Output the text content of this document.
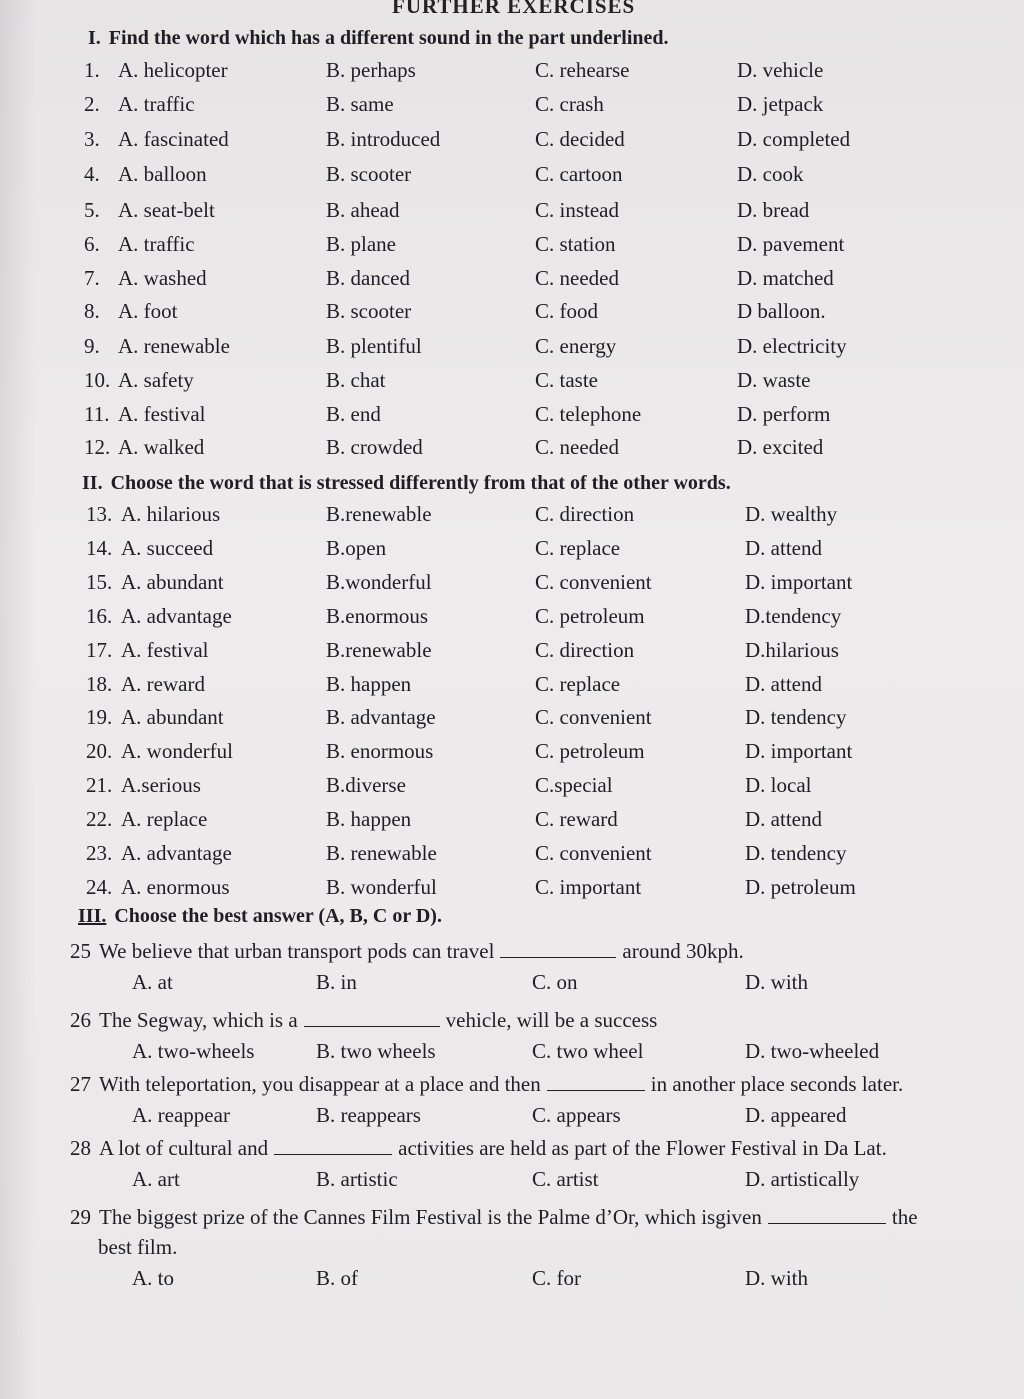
FURTHER EXERCISES
I. Find the word which has a different sound in the part underlined.
1. A. helicopter	B. perhaps	C. rehearse	D. vehicle
2. A. traffic	B. same	C. crash	D. jetpack
3. A. fascinated	B. introduced	C. decided	D. completed
4. A. balloon	B. scooter	C. cartoon	D. cook
5. A. seat-belt	B. ahead	C. instead	D. bread
6. A. traffic	B. plane	C. station	D. pavement
7. A. washed	B. danced	C. needed	D. matched
8. A. foot	B. scooter	C. food	D balloon.
9. A. renewable	B. plentiful	C. energy	D. electricity
10. A. safety	B. chat	C. taste	D. waste
11. A. festival	B. end	C. telephone	D. perform
12. A. walked	B. crowded	C. needed	D. excited
II. Choose the word that is stressed differently from that of the other words.
13. A. hilarious	B.renewable	C. direction	D. wealthy
14. A. succeed	B.open	C. replace	D. attend
15. A. abundant	B.wonderful	C. convenient	D. important
16. A. advantage	B.enormous	C. petroleum	D.tendency
17. A. festival	B.renewable	C. direction	D.hilarious
18. A. reward	B. happen	C. replace	D. attend
19. A. abundant	B. advantage	C. convenient	D. tendency
20. A. wonderful	B. enormous	C. petroleum	D. important
21. A.serious	B.diverse	C.special	D. local
22. A. replace	B. happen	C. reward	D. attend
23. A. advantage	B. renewable	C. convenient	D. tendency
24. A. enormous	B. wonderful	C. important	D. petroleum
III. Choose the best answer (A, B, C or D).
25 We believe that urban transport pods can travel	around 30kph.
A. at	B. in	C. on	D. with
26 The Segway, which is a	vehicle, will be a success
A. two-wheels	B. two wheels	C. two wheel	D. two-wheeled
27 With teleportation, you disappear at a place and then	in another place seconds later.
A. reappear	B. reappears	C. appears	D. appeared
28 A lot of cultural and	activities are held as part of the Flower Festival in Da Lat.
A. art	B. artistic	C. artist	D. artistically
29 The biggest prize of the Cannes Film Festival is the Palme d’Or, which isgiven	the
best film.
A. to	B. of	C. for	D. with
